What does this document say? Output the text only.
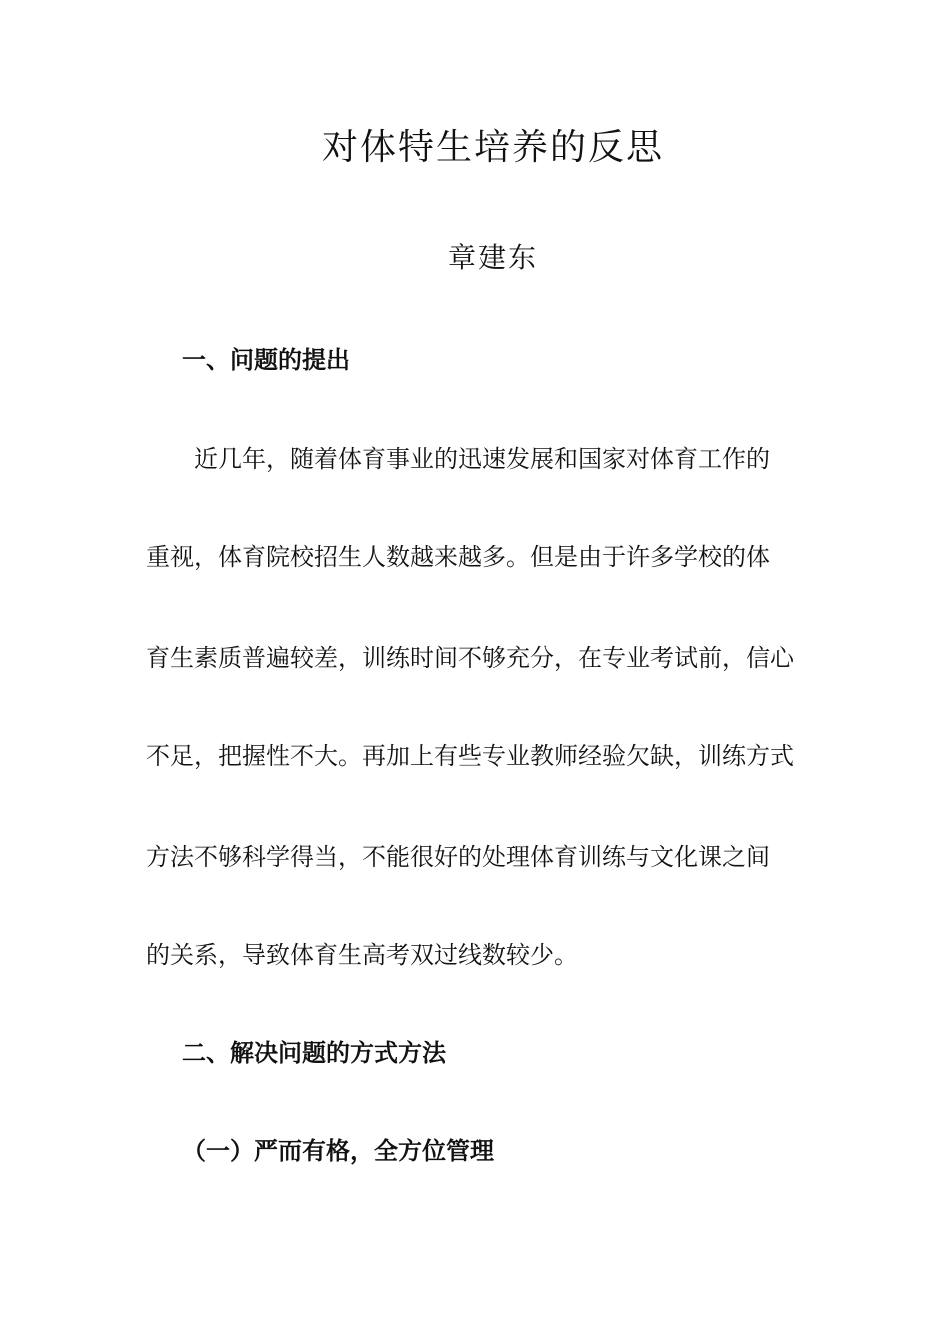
对体特生培养的反思

章建东

一、问题的提出

近几年，随着体育事业的迅速发展和国家对体育工作的

重视，体育院校招生人数越来越多。但是由于许多学校的体

育生素质普遍较差，训练时间不够充分，在专业考试前，信心

不足，把握性不大。再加上有些专业教师经验欠缺，训练方式

方法不够科学得当，不能很好的处理体育训练与文化课之间

的关系，导致体育生高考双过线数较少。

二、解决问题的方式方法
（一）严而有格，全方位管理
